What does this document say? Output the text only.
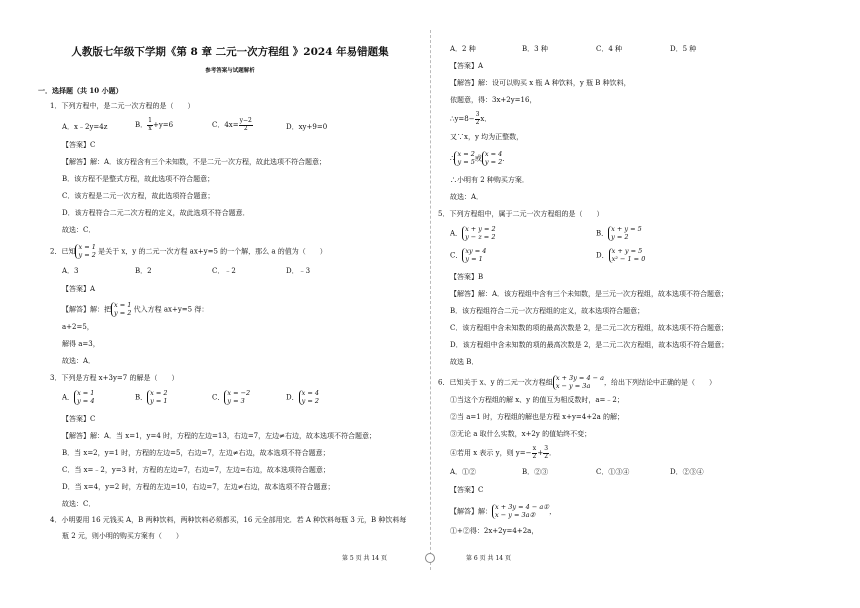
人教版七年级下学期《第 8 章 二元一次方程组 》2024 年易错题集
参考答案与试题解析
一．选择题（共 10 小题）
1．下列方程中，是二元一次方程的是（　　）
A．x﹣2y=4z	B． $\frac{1}{x} +y=6$	C．$4x= \frac{y-2}{2}$	D．xy+9=0
【答案】C
【解答】解：A．该方程含有三个未知数，不是二元一次方程，故此选项不符合题意；
B．该方程不是整式方程，故此选项不符合题意；
C．该方程是二元一次方程，故此选项符合题意；
D．该方程符合二元二次方程的定义，故此选项不符合题意．
故选：C．
2．已知x = 1
y = 2 是关于 x，y 的二元一次方程 ax+y=5 的一个解，那么 a 的值为（　　）
A．3	B．2	C．﹣2	D．﹣3
【答案】A
【解答】解：把x = 1
y = 2 代入方程 ax+y=5 得：
a+2=5，
解得 a=3，
故选：A．
3．下列是方程 x+3y=7 的解是（　　）
A．x = 1
y = 4	B．x = 2
y = 1	C．x = −2
y = 3	D．x = 4
y = 2
【答案】C
【解答】解：A．当 x=1，y=4 时，方程的左边=13，右边=7，左边≠右边，故本选项不符合题意；
B．当 x=2，y=1 时，方程的左边=5，右边=7，左边≠右边，故本选项不符合题意；
C．当 x=﹣2，y=3 时，方程的左边=7，右边=7，左边=右边，故本选项符合题意；
D．当 x=4，y=2 时，方程的左边=10，右边=7，左边≠右边，故本选项不符合题意；
故选：C．
4．小明要用 16 元钱买 A，B 两种饮料，两种饮料必须都买，16 元全部用完．若 A 种饮料每瓶 3 元，B 种饮料每
瓶 2 元，则小明的购买方案有（　　）
第 5 页 共 14 页
A．2 种	B．3 种	C．4 种	D．5 种
【答案】A
【解答】解：设可以购买 x 瓶 A 种饮料，y 瓶 B 种饮料，
依题意，得：3x+2y=16，
∴y=8− $\frac{3}{2}$ x．
又∵x，y 均为正整数，
∴x = 2
y = 5或x = 4
y = 2．
∴小明有 2 种购买方案．
故选：A．
5．下列方程组中，属于二元一次方程组的是（　　）
A．x + y = 2
y − z = 2	B．x + y = 5
y = 2
C．xy = 4
y = 1	D．x + y = 5
x² − 1 = 0
【答案】B
【解答】解：A．该方程组中含有三个未知数，是三元一次方程组，故本选项不符合题意；
B．该方程组符合二元一次方程组的定义，故本选项符合题意；
C．该方程组中含未知数的项的最高次数是 2，是二元二次方程组，故本选项不符合题意；
D．该方程组中含未知数的项的最高次数是 2，是二元二次方程组，故本选项不符合题意；
故选 B．
6．已知关于 x、y 的二元一次方程组x + 3y = 4 − a
x − y = 3a ，给出下列结论中正确的是（　　）
①当这个方程组的解 x、y 的值互为相反数时，a=﹣2；
②当 a=1 时，方程组的解也是方程 x+y=4+2a 的解；
③无论 a 取什么实数，x+2y 的值始终不变；
④若用 x 表示 y，则 $y=- \frac{x}{2} + \frac{3}{2}$ ．
A．①②	B．②③	C．①③④	D．②③④
【答案】C
【解答】解：x + 3y = 4 − a①
x − y = 3a② ，
①+②得：2x+2y=4+2a，
第 6 页 共 14 页
